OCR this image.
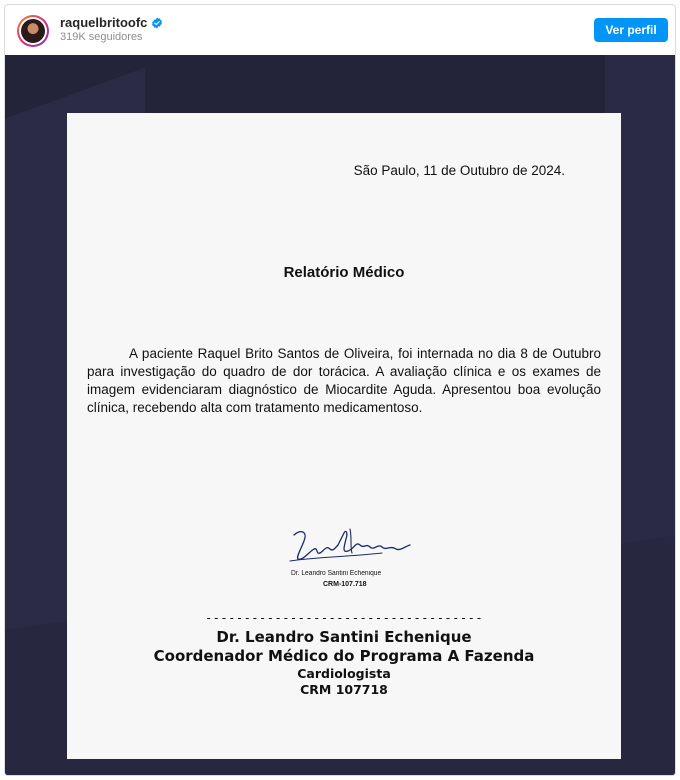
raquelbritoofc
319K seguidores	Ver perfil
São Paulo, 11 de Outubro de 2024.
Relatório Médico
A paciente Raquel Brito Santos de Oliveira, foi internada no dia 8 de Outubro para investigação do quadro de dor torácica. A avaliação clínica e os exames de imagem evidenciaram diagnóstico de Miocardite Aguda. Apresentou boa evolução clínica, recebendo alta com tratamento medicamentoso.
Dr. Leandro Santini Echenique
CRM-107.718
------------------------------------
Dr. Leandro Santini Echenique
Coordenador Médico do Programa A Fazenda
Cardiologista
CRM 107718
